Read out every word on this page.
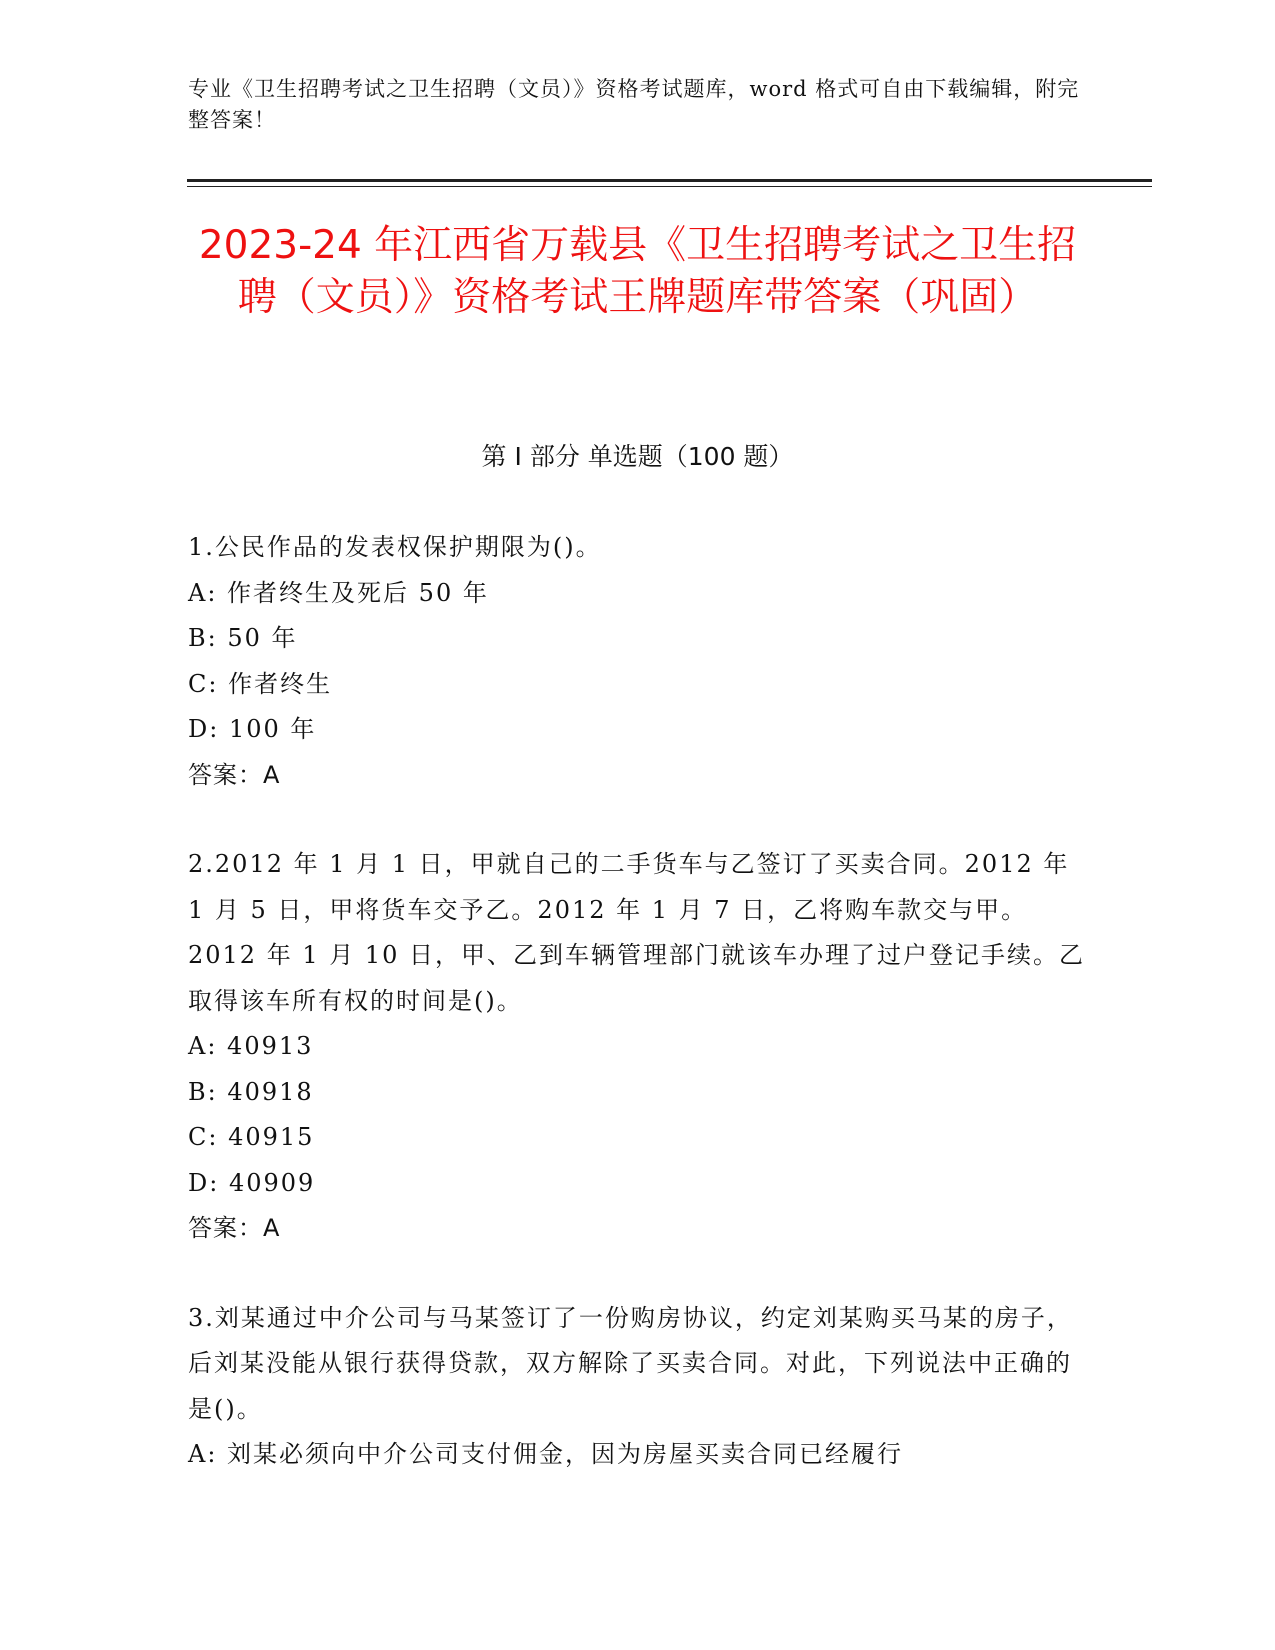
专业《卫生招聘考试之卫生招聘（文员）》资格考试题库，word 格式可自由下载编辑，附完整答案！
2023-24 年江西省万载县《卫生招聘考试之卫生招聘（文员）》资格考试王牌题库带答案（巩固）
第 I 部分 单选题（100 题）
1.公民作品的发表权保护期限为()。
A: 作者终生及死后 50 年
B: 50 年
C: 作者终生
D: 100 年
答案：A
2.2012 年 1 月 1 日，甲就自己的二手货车与乙签订了买卖合同。2012 年 1 月 5 日，甲将货车交予乙。2012 年 1 月 7 日，乙将购车款交与甲。2012 年 1 月 10 日，甲、乙到车辆管理部门就该车办理了过户登记手续。乙取得该车所有权的时间是()。
A: 40913
B: 40918
C: 40915
D: 40909
答案：A
3.刘某通过中介公司与马某签订了一份购房协议，约定刘某购买马某的房子，后刘某没能从银行获得贷款，双方解除了买卖合同。对此，下列说法中正确的是()。
A: 刘某必须向中介公司支付佣金，因为房屋买卖合同已经履行
